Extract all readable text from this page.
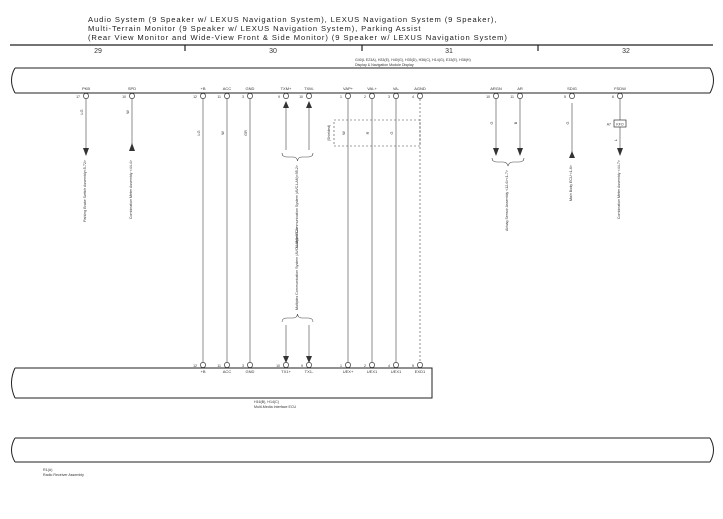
Audio System (9 Speaker w/ LEXUS Navigation System), LEXUS Navigation System (9 Speaker),
Multi-Terrain Monitor (9 Speaker w/ LEXUS Navigation System), Parking Assist
(Rear View Monitor and Wide-View Front & Side Monitor) (9 Speaker w/ LEXUS Navigation System)
29	30	31	32
G40(L E23A), H33(E), H40(G), H35(D), H36(C), H14(G), E33(E), H38(H)
Display & Navigation Module Display
PKB
17
SPD
10
+B
12
ACC
11
GND
3
TXM+
9
TXM-
10
VAP+
1
VAL+
2
VA-
3
AGND
4
ARGN
10
AR
11
SDIG
5
FSDW
6
(Shielded)
KFO
A7
LG	W
LG	W	GR	W	R	G
G	B	G
L
Parking Brake Switch Assembly<5-72>	Combination Meter Assembly <44-4>	Multiplex Communication System (AVC-LAN)<95-2>
Multiplex Communication System (AVC-LAN)<95-2>
Airbag Sensor Assembly <12-6><1-7>	Main Body ECU <1-6>	Combination Meter Assembly <44-7>
12
+B
11
ACC
3
GND
10
TX1+
9
TX1-
1
UEX+
2
UEX1
4
UEX1
5
EXD1
H16(B), H14(C)
Multi-Media Interface ECU
R1(A)
Radio Receiver Assembly
